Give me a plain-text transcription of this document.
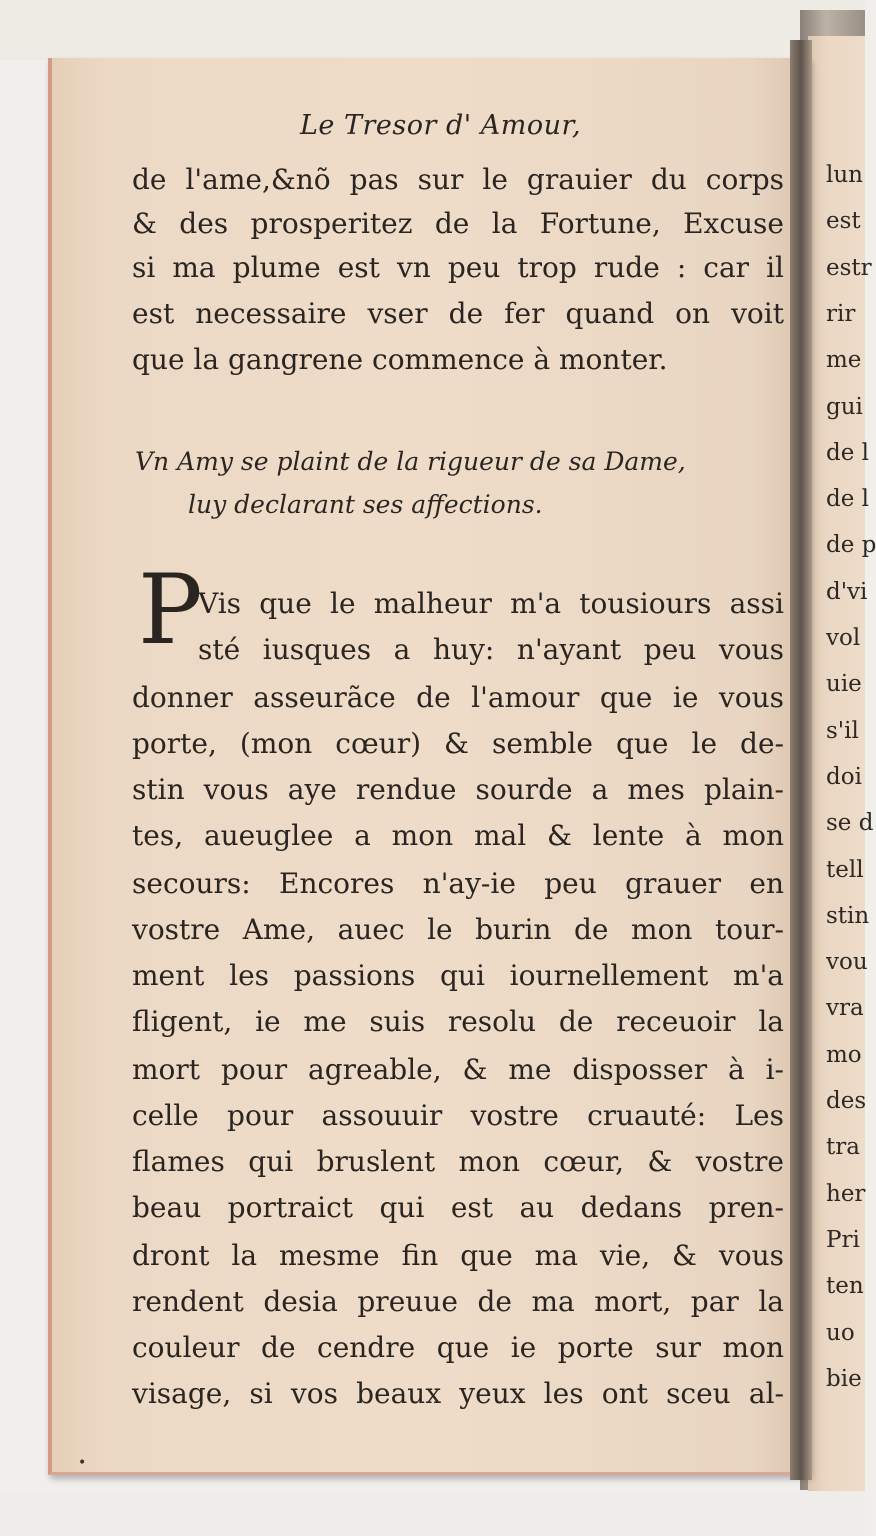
lun
est
estr
rir
me
gui
de l
de l
de p
d'vi
vol
uie
s'il
doi
se d
tell
stin
vou
vra
mo
des
tra
her
Pri
ten
uo
bie
Le Tresor d' Amour,
de l'ame,&nõ pas sur le grauier du corps
& des prosperitez de la Fortune, Excuse
si ma plume est vn peu trop rude : car il
est necessaire vser de fer quand on voit
que la gangrene commence à monter.
Vn Amy se plaint de la rigueur de sa Dame,
luy declarant ses affections.
P
Vis que le malheur m'a tousiours assi
sté iusques a huy: n'ayant peu vous
donner asseurãce de l'amour que ie vous
porte, (mon cœur) & semble que le de-
stin vous aye rendue sourde a mes plain-
tes, aueuglee a mon mal & lente à mon
secours: Encores n'ay-ie peu grauer en
vostre Ame, auec le burin de mon tour-
ment les passions qui iournellement m'a
fligent, ie me suis resolu de receuoir la
mort pour agreable, & me disposser à i-
celle pour assouuir vostre cruauté: Les
flames qui bruslent mon cœur, & vostre
beau portraict qui est au dedans pren-
dront la mesme fin que ma vie, & vous
rendent desia preuue de ma mort, par la
couleur de cendre que ie porte sur mon
visage, si vos beaux yeux les ont sceu al-
•
